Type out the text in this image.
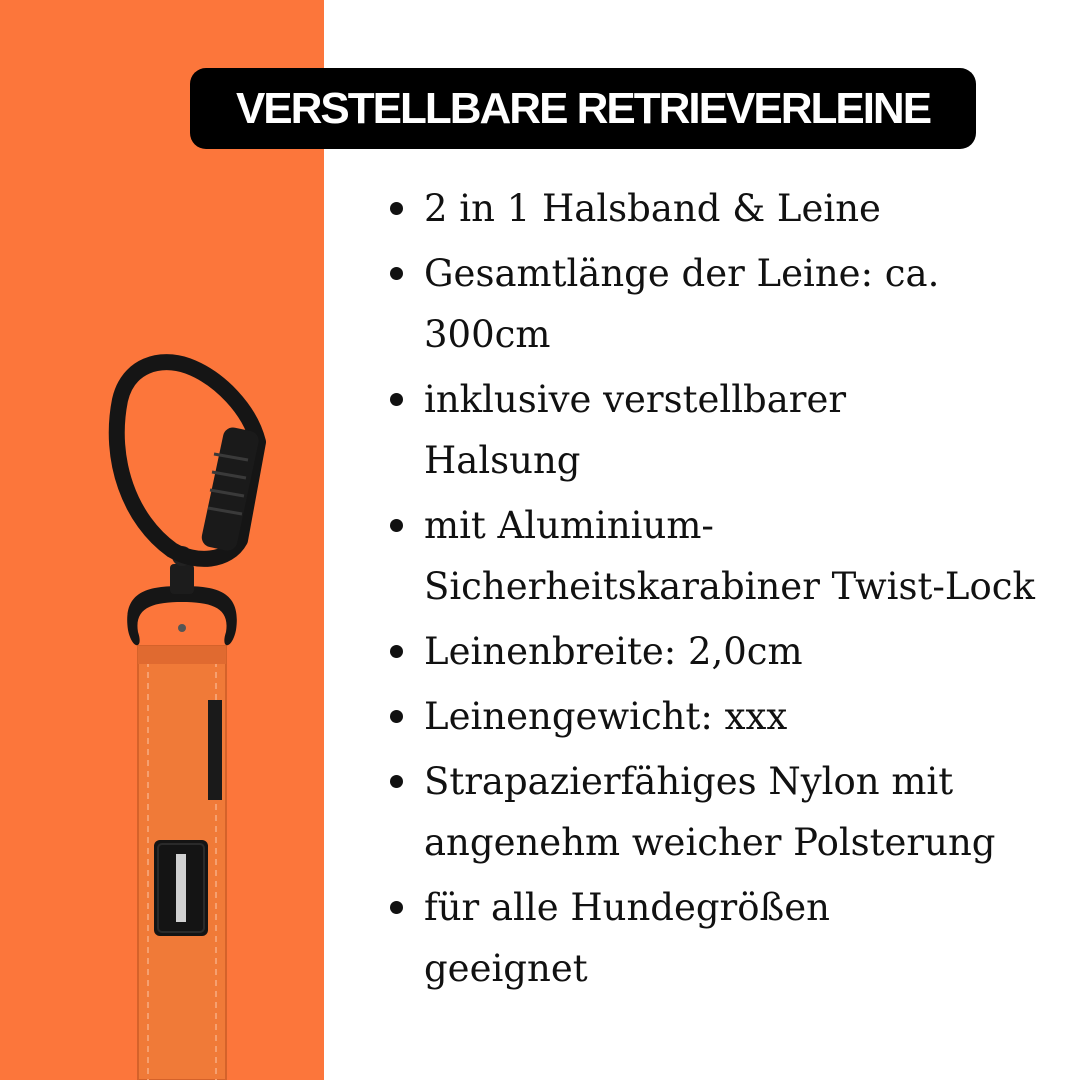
VERSTELLBARE RETRIEVERLEINE
2 in 1 Halsband & Leine
Gesamtlänge der Leine: ca. 300cm
inklusive verstellbarer Halsung
mit Aluminium-Sicherheitskarabiner Twist-Lock
Leinenbreite: 2,0cm
Leinengewicht: xxx
Strapazierfähiges Nylon mit angenehm weicher Polsterung
für alle Hundegrößen geeignet
